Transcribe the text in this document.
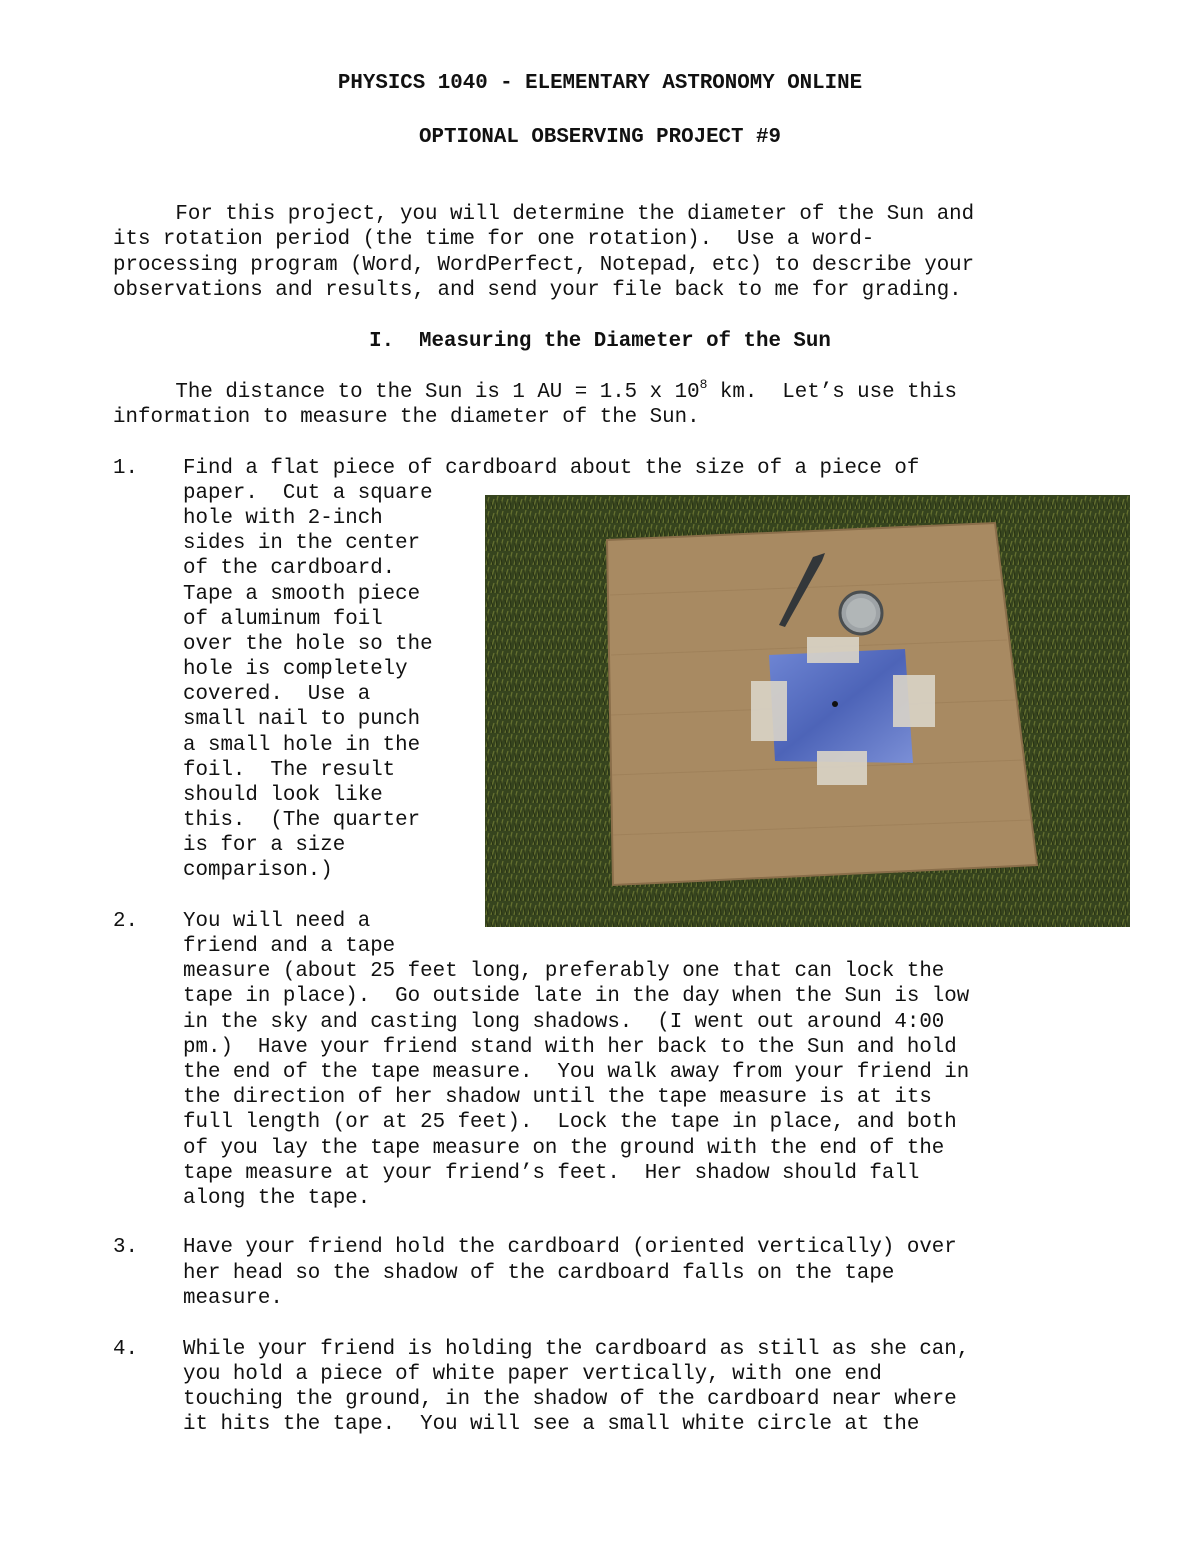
PHYSICS 1040 - ELEMENTARY ASTRONOMY ONLINE
OPTIONAL OBSERVING PROJECT #9
For this project, you will determine the diameter of the Sun and
its rotation period (the time for one rotation).  Use a word-
processing program (Word, WordPerfect, Notepad, etc) to describe your
observations and results, and send your file back to me for grading.
I.  Measuring the Diameter of the Sun
The distance to the Sun is 1 AU = 1.5 x $10^8$ km.  Let’s use this
information to measure the diameter of the Sun.
1. Find a flat piece of cardboard about the size of a piece of
paper.  Cut a square
hole with 2-inch
sides in the center
of the cardboard.
Tape a smooth piece
of aluminum foil
over the hole so the
hole is completely
covered.  Use a
small nail to punch
a small hole in the
foil.  The result
should look like
this.  (The quarter
is for a size
comparison.)
2. You will need a
friend and a tape
measure (about 25 feet long, preferably one that can lock the
tape in place).  Go outside late in the day when the Sun is low
in the sky and casting long shadows.  (I went out around 4:00
pm.)  Have your friend stand with her back to the Sun and hold
the end of the tape measure.  You walk away from your friend in
the direction of her shadow until the tape measure is at its
full length (or at 25 feet).  Lock the tape in place, and both
of you lay the tape measure on the ground with the end of the
tape measure at your friend’s feet.  Her shadow should fall
along the tape.
3. Have your friend hold the cardboard (oriented vertically) over
her head so the shadow of the cardboard falls on the tape
measure.
4. While your friend is holding the cardboard as still as she can,
you hold a piece of white paper vertically, with one end
touching the ground, in the shadow of the cardboard near where
it hits the tape.  You will see a small white circle at the
